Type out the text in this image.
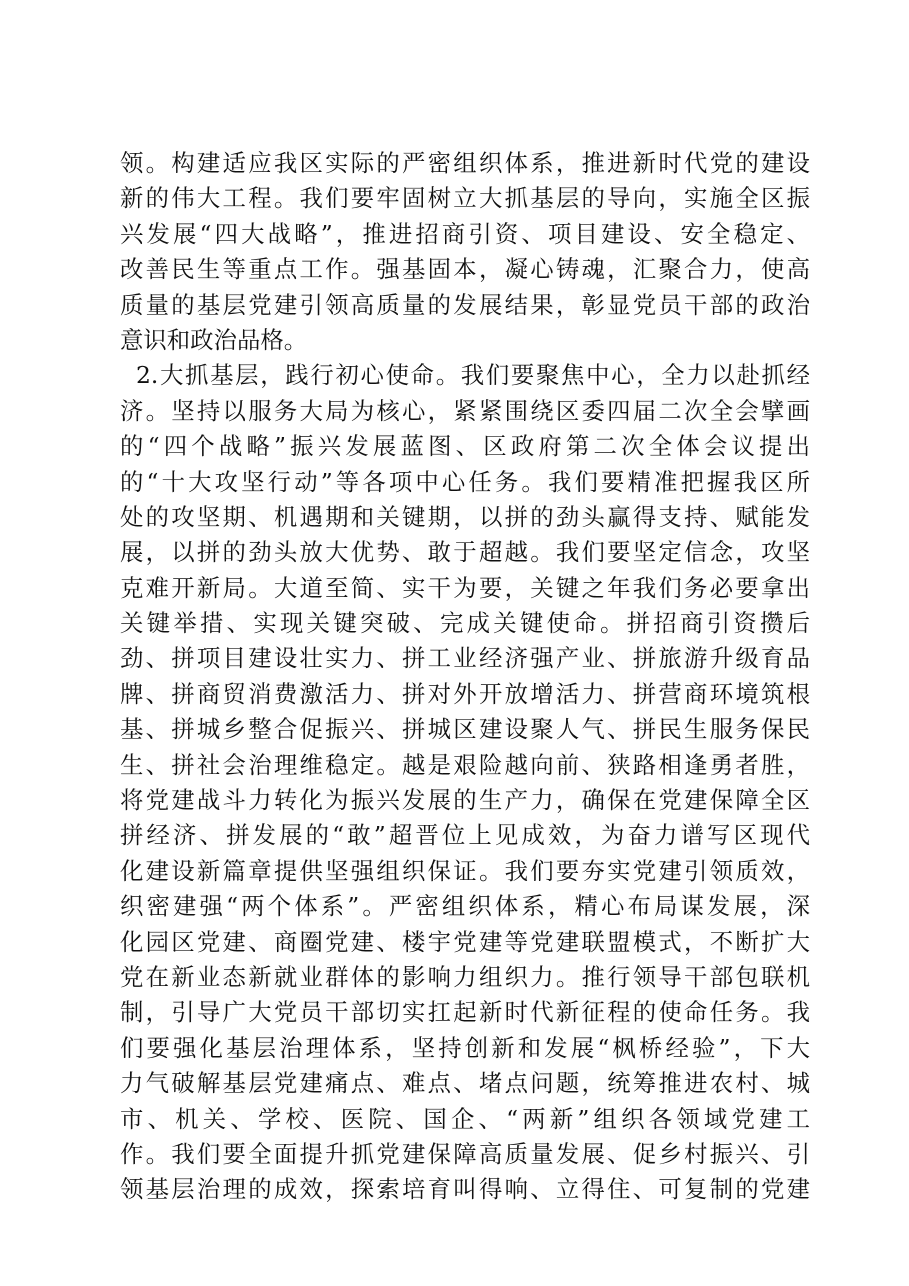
领。构建适应我区实际的严密组织体系，推进新时代党的建设
新的伟大工程。我们要牢固树立大抓基层的导向，实施全区振
兴发展“四大战略”，推进招商引资、项目建设、安全稳定、
改善民生等重点工作。强基固本，凝心铸魂，汇聚合力，使高
质量的基层党建引领高质量的发展结果，彰显党员干部的政治
意识和政治品格。
2.大抓基层，践行初心使命。我们要聚焦中心，全力以赴抓经
济。坚持以服务大局为核心，紧紧围绕区委四届二次全会擘画
的“四个战略”振兴发展蓝图、区政府第二次全体会议提出
的“十大攻坚行动”等各项中心任务。我们要精准把握我区所
处的攻坚期、机遇期和关键期，以拼的劲头赢得支持、赋能发
展，以拼的劲头放大优势、敢于超越。我们要坚定信念，攻坚
克难开新局。大道至简、实干为要，关键之年我们务必要拿出
关键举措、实现关键突破、完成关键使命。拼招商引资攒后
劲、拼项目建设壮实力、拼工业经济强产业、拼旅游升级育品
牌、拼商贸消费激活力、拼对外开放增活力、拼营商环境筑根
基、拼城乡整合促振兴、拼城区建设聚人气、拼民生服务保民
生、拼社会治理维稳定。越是艰险越向前、狭路相逢勇者胜，
将党建战斗力转化为振兴发展的生产力，确保在党建保障全区
拼经济、拼发展的“敢”超晋位上见成效，为奋力谱写区现代
化建设新篇章提供坚强组织保证。我们要夯实党建引领质效，
织密建强“两个体系”。严密组织体系，精心布局谋发展，深
化园区党建、商圈党建、楼宇党建等党建联盟模式，不断扩大
党在新业态新就业群体的影响力组织力。推行领导干部包联机
制，引导广大党员干部切实扛起新时代新征程的使命任务。我
们要强化基层治理体系，坚持创新和发展“枫桥经验”，下大
力气破解基层党建痛点、难点、堵点问题，统筹推进农村、城
市、机关、学校、医院、国企、“两新”组织各领域党建工
作。我们要全面提升抓党建保障高质量发展、促乡村振兴、引
领基层治理的成效，探索培育叫得响、立得住、可复制的党建
